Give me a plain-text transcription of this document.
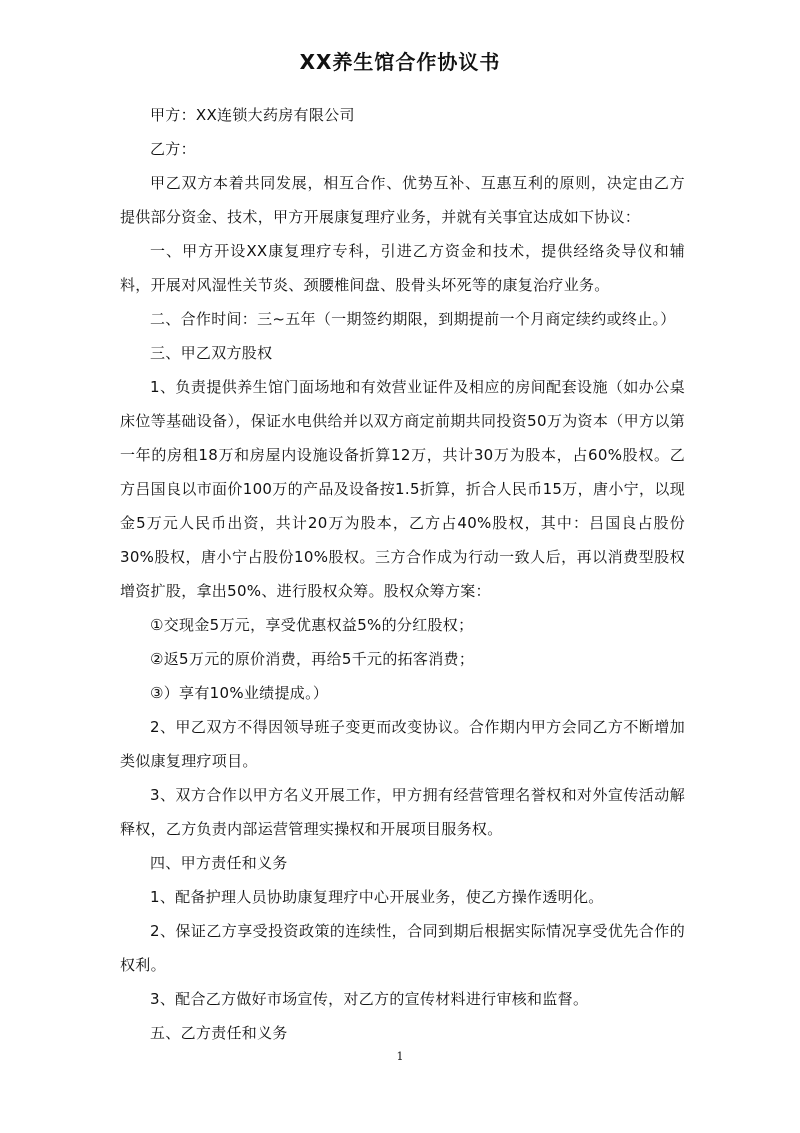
XX养生馆合作协议书

甲方：XX连锁大药房有限公司

乙方：

甲乙双方本着共同发展，相互合作、优势互补、互惠互利的原则，决定由乙方提供部分资金、技术，甲方开展康复理疗业务，并就有关事宜达成如下协议：

一、甲方开设XX康复理疗专科，引进乙方资金和技术，提供经络灸导仪和辅料，开展对风湿性关节炎、颈腰椎间盘、股骨头坏死等的康复治疗业务。

二、合作时间：三~五年（一期签约期限，到期提前一个月商定续约或终止。）

三、甲乙双方股权

1、负责提供养生馆门面场地和有效营业证件及相应的房间配套设施（如办公桌床位等基础设备），保证水电供给并以双方商定前期共同投资50万为资本（甲方以第一年的房租18万和房屋内设施设备折算12万，共计30万为股本，占60%股权。乙方吕国良以市面价100万的产品及设备按1.5折算，折合人民币15万，唐小宁，以现金5万元人民币出资，共计20万为股本，乙方占40%股权，其中：吕国良占股份30%股权，唐小宁占股份10%股权。三方合作成为行动一致人后，再以消费型股权增资扩股，拿出50%、进行股权众筹。股权众筹方案：

①交现金5万元，享受优惠权益5%的分红股权；

②返5万元的原价消费，再给5千元的拓客消费；

③）享有10%业绩提成。）

2、甲乙双方不得因领导班子变更而改变协议。合作期内甲方会同乙方不断增加类似康复理疗项目。

3、双方合作以甲方名义开展工作，甲方拥有经营管理名誉权和对外宣传活动解释权，乙方负责内部运营管理实操权和开展项目服务权。

四、甲方责任和义务

1、配备护理人员协助康复理疗中心开展业务，使乙方操作透明化。

2、保证乙方享受投资政策的连续性，合同到期后根据实际情况享受优先合作的权利。

3、配合乙方做好市场宣传，对乙方的宣传材料进行审核和监督。

五、乙方责任和义务

1
